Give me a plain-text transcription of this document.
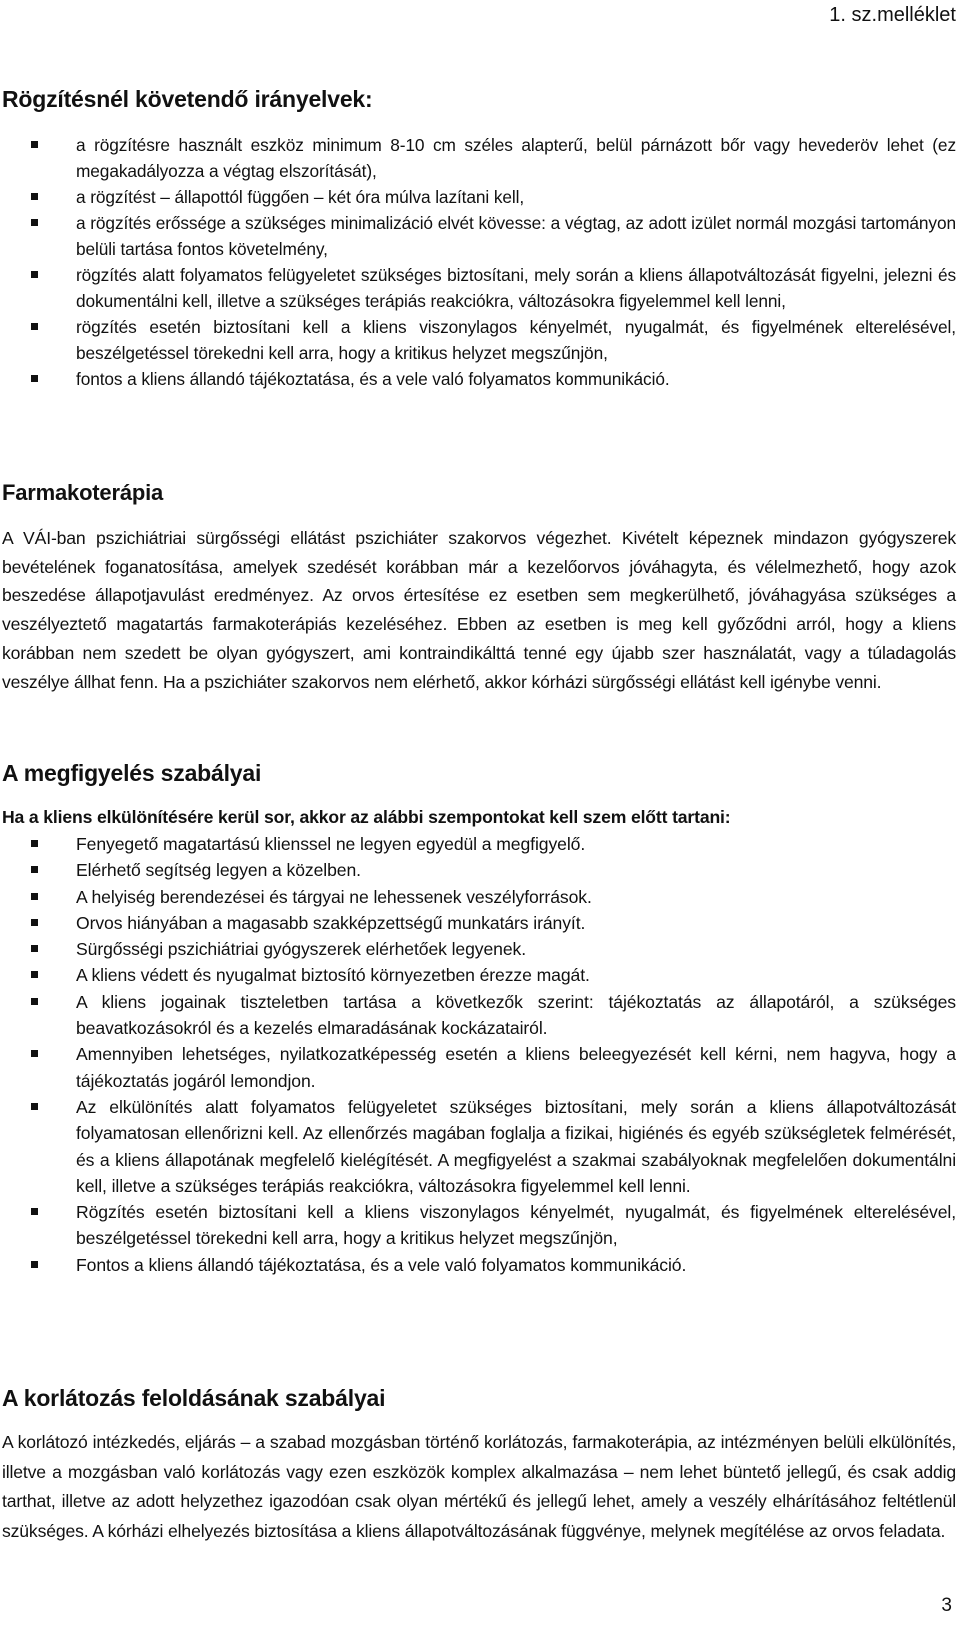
1. sz.melléklet
Rögzítésnél követendő irányelvek:
a rögzítésre használt eszköz minimum 8-10 cm széles alapterű, belül párnázott bőr vagy hevederöv lehet (ez megakadályozza a végtag elszorítását),
a rögzítést – állapottól függően – két óra múlva lazítani kell,
a rögzítés erőssége a szükséges minimalizáció elvét kövesse: a végtag, az adott izület normál mozgási tartományon belüli tartása fontos követelmény,
rögzítés alatt folyamatos felügyeletet szükséges biztosítani, mely során a kliens állapotváltozását figyelni, jelezni és dokumentálni kell, illetve a szükséges terápiás reakciókra, változásokra figyelemmel kell lenni,
rögzítés esetén biztosítani kell a kliens viszonylagos kényelmét, nyugalmát, és figyelmének elterelésével, beszélgetéssel törekedni kell arra, hogy a kritikus helyzet megszűnjön,
fontos a kliens állandó tájékoztatása, és a vele való folyamatos kommunikáció.
Farmakoterápia

A VÁI-ban pszichiátriai sürgősségi ellátást pszichiáter szakorvos végezhet. Kivételt képeznek mindazon gyógyszerek bevételének foganatosítása, amelyek szedését korábban már a kezelőorvos jóváhagyta, és vélelmezhető, hogy azok beszedése állapotjavulást eredményez. Az orvos értesítése ez esetben sem megkerülhető, jóváhagyása szükséges a veszélyeztető magatartás farmakoterápiás kezeléséhez. Ebben az esetben is meg kell győződni arról, hogy a kliens korábban nem szedett be olyan gyógyszert, ami kontraindikálttá tenné egy újabb szer használatát, vagy a túladagolás veszélye állhat fenn. Ha a pszichiáter szakorvos nem elérhető, akkor kórházi sürgősségi ellátást kell igénybe venni.

A megfigyelés szabályai

Ha a kliens elkülönítésére kerül sor, akkor az alábbi szempontokat kell szem előtt tartani:

Fenyegető magatartású klienssel ne legyen egyedül a megfigyelő.
Elérhető segítség legyen a közelben.
A helyiség berendezései és tárgyai ne lehessenek veszélyforrások.
Orvos hiányában a magasabb szakképzettségű munkatárs irányít.
Sürgősségi pszichiátriai gyógyszerek elérhetőek legyenek.
A kliens védett és nyugalmat biztosító környezetben érezze magát.
A kliens jogainak tiszteletben tartása a következők szerint: tájékoztatás az állapotáról, a szükséges beavatkozásokról és a kezelés elmaradásának kockázatairól.
Amennyiben lehetséges, nyilatkozatképesség esetén a kliens beleegyezését kell kérni, nem hagyva, hogy a tájékoztatás jogáról lemondjon.
Az elkülönítés alatt folyamatos felügyeletet szükséges biztosítani, mely során a kliens állapotváltozását folyamatosan ellenőrizni kell. Az ellenőrzés magában foglalja a fizikai, higiénés és egyéb szükségletek felmérését, és a kliens állapotának megfelelő kielégítését. A megfigyelést a szakmai szabályoknak megfelelően dokumentálni kell, illetve a szükséges terápiás reakciókra, változásokra figyelemmel kell lenni.
Rögzítés esetén biztosítani kell a kliens viszonylagos kényelmét, nyugalmát, és figyelmének elterelésével, beszélgetéssel törekedni kell arra, hogy a kritikus helyzet megszűnjön,
Fontos a kliens állandó tájékoztatása, és a vele való folyamatos kommunikáció.
A korlátozás feloldásának szabályai

A korlátozó intézkedés, eljárás – a szabad mozgásban történő korlátozás, farmakoterápia, az intézményen belüli elkülönítés, illetve a mozgásban való korlátozás vagy ezen eszközök komplex alkalmazása – nem lehet büntető jellegű, és csak addig tarthat, illetve az adott helyzethez igazodóan csak olyan mértékű és jellegű lehet, amely a veszély elhárításához feltétlenül szükséges. A kórházi elhelyezés biztosítása a kliens állapotváltozásának függvénye, melynek megítélése az orvos feladata.

3
